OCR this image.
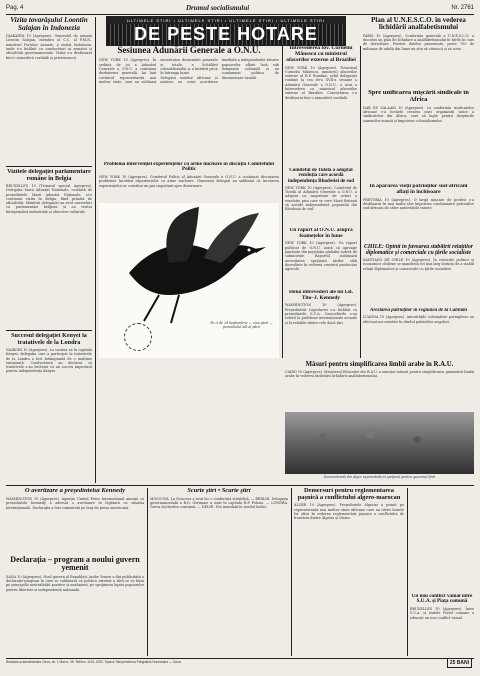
Pag. 4	Drumul socialismului	Nr. 2761
Vizita tovarășului Loontin Salajan în Indonezia

DJAKARTA 10 (Agerpres). Generalul de armată Leontin Salajan, membru al C.C. al P.M.R., ministrul Forțelor Armate, a vizitat Indonezia, unde s-a întâlnit cu conducători ai armatei și oficialități guvernamentale. Vizita s-a desfășurat într-o atmosferă cordială și prietenească.

Vizitele delegației parlamentare române în Belgia

BRUXELLES 10 (Trimisul special Agerpres). Delegația Marii Adunări Naționale, condusă de președintele Marii Adunări Naționale, și-a continuat vizita în Belgia, fiind primită de oficialități. Membrii delegației au avut convorbiri cu parlamentari belgieni și au vizitat întreprinderi industriale și obiective culturale.

Succesul delegației Kenyei la tratativele de la Londra

NAIROBI 10 (Agerpres). La sosirea sa în capitala Kenyei, delegația care a participat la tratativele de la Londra a fost întâmpinată de o mulțime entuziastă. Conducătorii au declarat că tratativele s-au încheiat cu un succes important pentru independența Kenyei.

ULTIMELE STIRI • ULTIMELE STIRI • ULTIMELE STIRI • ULTIMELE STIRI
DE PESTE HOTARE
Sesiunea Adunării Generale a O.N.U.

NEW YORK 10 (Agerpres). În ședința de joi a Adunării Generale a O.N.U. a continuat dezbaterea generală. Au luat cuvântul reprezentanții mai multor state, care au subliniat necesitatea dezarmării generale și totale, a lichidării colonialismului și a întăririi păcii în întreaga lume.

Delegații statelor africane și asiatice au cerut acordarea imediată a independenței tuturor popoarelor aflate încă sub dominație colonială și au condamnat politica de discriminare rasială.

Problema intervenției experiențelor cu arme nucleare în discuția Comitetului Politic

NEW YORK 10 (Agerpres). Comitetul Politic al Adunării Generale a O.N.U. a continuat discutarea problemei încetării experiențelor cu arme nucleare. Numeroși delegați au subliniat că încetarea experiențelor ar constitui un pas important spre dezarmare.

Pe zi de 24 Septembrie — ziua păcii — porumbelul alb al păcii
Întrevederea tov. Corneliu Mănescu cu ministrul afacerilor externe al Braziliei

NEW YORK 10 (Agerpres). Tovarășul Corneliu Mănescu, ministrul afacerilor externe al R.P. Române, șeful delegației române la cea de-a XVII-a sesiune a Adunării Generale a O.N.U., a avut o întrevedere cu ministrul afacerilor externe al Braziliei. Convorbirea s-a desfășurat într-o atmosferă cordială.

Comitetul de Tutelă a adoptat rezoluția care acordă independența Rhodesiei de sud

NEW YORK 10 (Agerpres). Comitetul de Tutelă al Adunării Generale a O.N.U. a adoptat cu majoritate de voturi o rezoluție prin care se cere Marii Britanii să acorde independență poporului din Rhodesia de sud.

Un raport al O.N.U. asupra foamețelor în lume

NEW YORK 10 (Agerpres). Un raport publicat de O.N.U. arată că aproape jumătate din populația globului suferă de subnutriție. Raportul subliniază necesitatea sprijinirii țărilor slab dezvoltate în vederea creșterii producției agricole.

Două întrevederi ale lui I.B. Tito–J. Kennedy

WASHINGTON 10 (Agerpres). Președintele Iugoslaviei s-a întâlnit cu președintele S.U.A. Convorbirile s-au referit la probleme internaționale actuale și la relațiile dintre cele două țări.

Plan al U.N.E.S.C.O. în vederea lichidării analfabetismului

PARIS 10 (Agerpres). Conferința generală a U.N.E.S.C.O. a discutat un plan de lichidare a analfabetismului în țările în curs de dezvoltare. Potrivit datelor prezentate, peste 700 de milioane de adulți din lume nu știu să citească și să scrie.

Spre unificarea mișcării sindicale în Africa

DAR ES SALAAM 10 (Agerpres). La conferința sindicatelor africane s-a hotărât crearea unei organizații unice a sindicatelor din Africa, care să lupte pentru drepturile oamenilor muncii și împotriva colonialismului.

În apărarea vieții patrioților sud-africani aflați în închisoare

PRETORIA 10 (Agerpres). O largă mișcare de protest s-a desfășurat în mai multe țări împotriva condamnării patrioților sud-africani de către autoritățile rasiste.

CHILE: Opinii în favoarea stabilirii relațiilor diplomatice și comerciale cu țările socialiste

SANTIAGO DE CHILE 10 (Agerpres). În cercurile politice și economice chiliene se manifestă tot mai larg dorința de a stabili relații diplomatice și comerciale cu țările socialiste.

Arestarea patrioților în regiunea de la Cabinda

LUANDA 10 (Agerpres). Autoritățile colonialiste portugheze au efectuat noi arestări în rândul patrioților angolezi.

Măsuri pentru simplificarea limbii arabe în R.A.U.

CAIRO 10 (Agerpres). Ministerul Educației din R.A.U. a anunțat măsuri pentru simplificarea gramaticii limbii arabe în vederea facilitării lichidării analfabetismului.

Demonstranți din Alger exprimându-și sprijinul pentru guvernul țării
O avertizare a președintelui Kennedy

WASHINGTON 10 (Agerpres). Agenția United Press International anunță că președintele Kennedy a adresat o avertizare în legătură cu situația internațională. Declarația a fost comentată pe larg de presa americană.

Declarația – program a noului guvern yemenit

SANA 10 (Agerpres). Noul guvern al Republicii Arabe Yemen a dat publicității o declarație-program în care se subliniază că politica externă a țării se va baza pe principiile neutralității pozitive și nealinierii, pe sprijinirea luptei popoarelor pentru libertate și independență națională.

Scurte știri • Scurte știri

MOSCOVA. La Moscova a avut loc o conferință științifică. — BERLIN. Delegația guvernamentală a R.D. Germane a sosit în capitala R.P. Polone. — LONDRA. Greva docherilor continuă. — DELHI. Noi inundații în nordul Indiei.

Demersuri pentru reglementarea pașnică a conflictului algero-marocan

ALGER 10 (Agerpres). Președintele Algeriei a primit pe reprezentanții mai multor state africane care au oferit bunele lor oficii în vederea reglementării pașnice a conflictului de frontieră dintre Algeria și Maroc.

Un nou conflict vamal între S.U.A. și Piața comună

BRUXELLES 10 (Agerpres). Între S.U.A. și statele Pieței comune a izbucnit un nou conflict vamal.

Redacția și administrația: Deva, str. 1 Mai nr. 35. Telefon: 1115, 1292. Tiparul: Întreprinderea Poligrafică Hunedoara — Deva.	25 BANI
